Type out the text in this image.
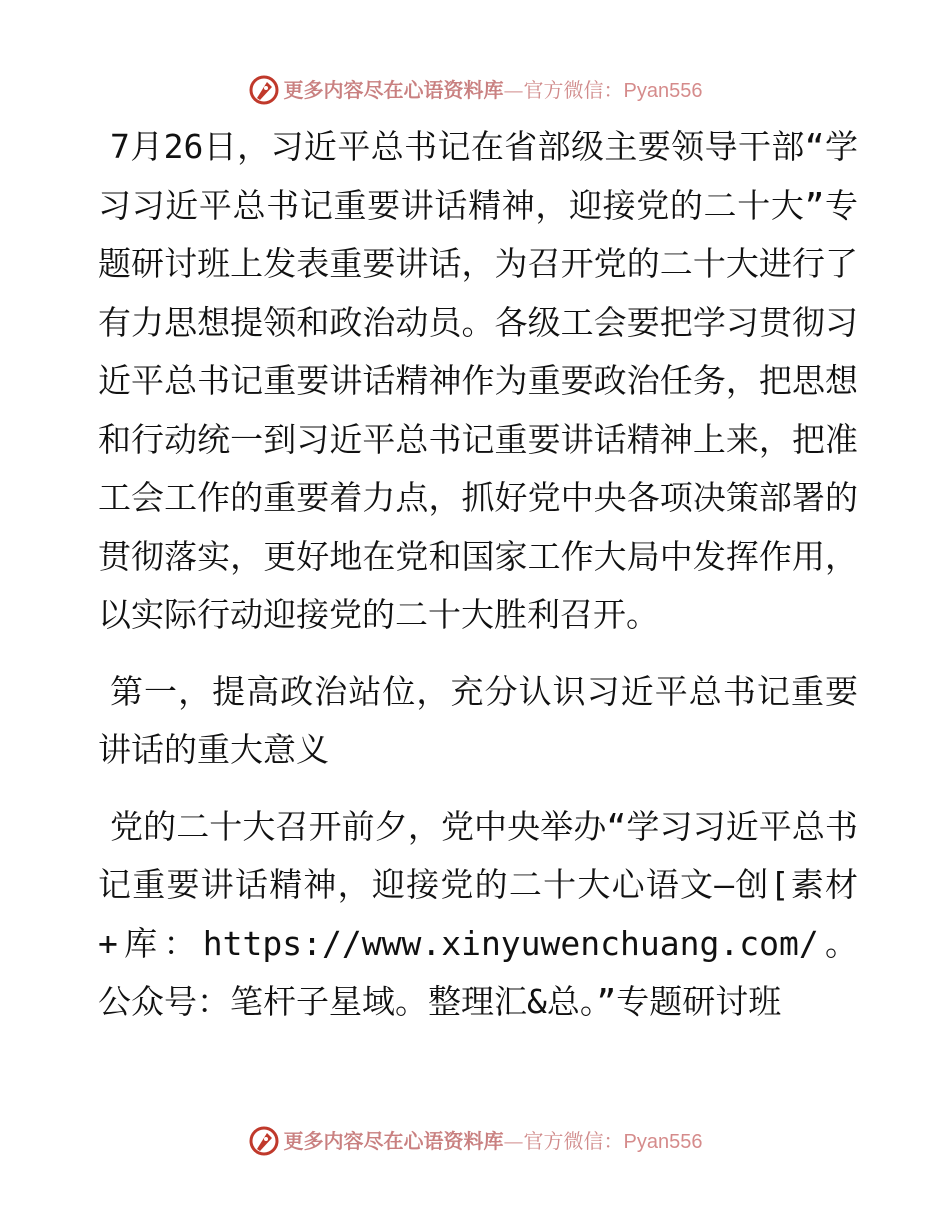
更多内容尽在心语资料库—官方微信：Pyan556

7月26日，习近平总书记在省部级主要领导干部“学习习近平总书记重要讲话精神，迎接党的二十大”专题研讨班上发表重要讲话，为召开党的二十大进行了有力思想提领和政治动员。各级工会要把学习贯彻习近平总书记重要讲话精神作为重要政治任务，把思想和行动统一到习近平总书记重要讲话精神上来，把准工会工作的重要着力点，抓好党中央各项决策部署的贯彻落实，更好地在党和国家工作大局中发挥作用，以实际行动迎接党的二十大胜利召开。

第一，提高政治站位，充分认识习近平总书记重要讲话的重大意义

党的二十大召开前夕，党中央举办“学习习近平总书记重要讲话精神，迎接党的二十大心语文—创[素材+库：https://www.xinyuwenchuang.com/。公众号：笔杆子星域。整理汇&总。”专题研讨班

更多内容尽在心语资料库—官方微信：Pyan556
